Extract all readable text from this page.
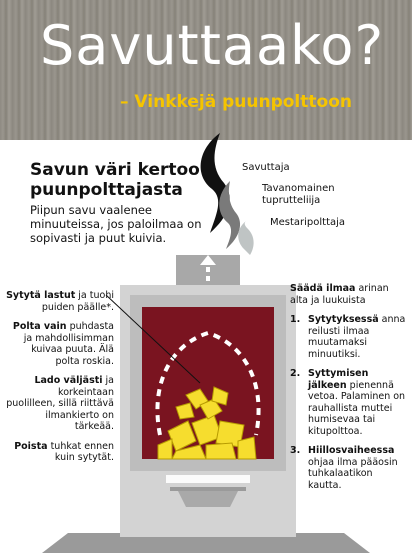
Savuttaako?
– Vinkkejä puunpolttoon
Savun väri kertoo puunpolttajasta
Piipun savu vaalenee minuuteissa, jos paloilmaa on sopivasti ja puut kuivia.
Savuttaja
Tavanomainen
tuprutteliija
Mestaripolttaja

Sytytä lastut ja tuohi puiden päälle*.

Polta vain puhdasta ja mahdollisimman kuivaa puuta. Älä polta roskia.

Lado väljästi ja korkeintaan puolilleen, sillä riittävä ilmankierto on tärkeää.

Poista tuhkat ennen kuin sytytät.

Säädä ilmaa arinan alta ja luukuista

1. Sytytyksessä anna reilusti ilmaa muutamaksi minuutiksi.

2. Syttymisen jälkeen pienennä vetoa. Palaminen on rauhallista muttei humisevaa tai kitupolttoa.

3. Hiillosvaiheessa ohjaa ilma pääosin tuhkalaatikon kautta.
